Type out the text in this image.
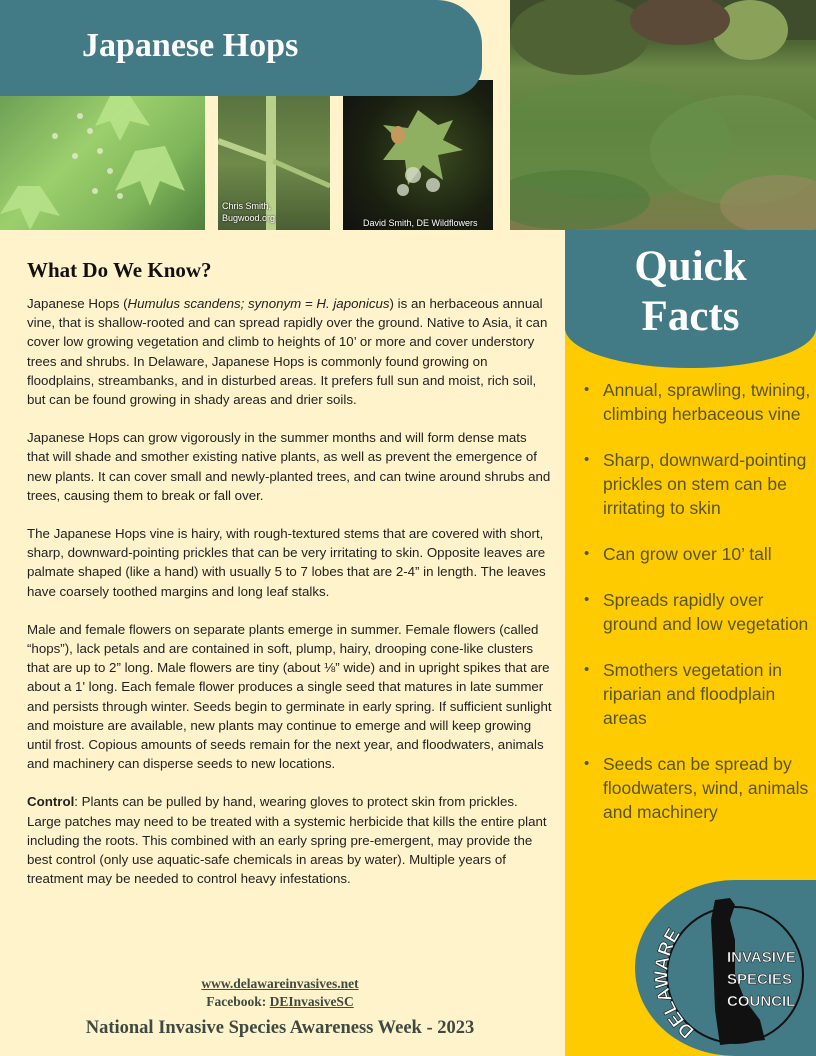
Japanese Hops
Chris Smith,
Bugwood.org	David Smith, DE Wildflowers
What Do We Know?

Japanese Hops (Humulus scandens; synonym = H. japonicus) is an herbaceous annual vine, that is shallow-rooted and can spread rapidly over the ground. Native to Asia, it can cover low growing vegetation and climb to heights of 10’ or more and cover understory trees and shrubs. In Delaware, Japanese Hops is commonly found growing on floodplains, streambanks, and in disturbed areas. It prefers full sun and moist, rich soil, but can be found growing in shady areas and drier soils.

Japanese Hops can grow vigorously in the summer months and will form dense mats that will shade and smother existing native plants, as well as prevent the emergence of new plants. It can cover small and newly-planted trees, and can twine around shrubs and trees, causing them to break or fall over.

The Japanese Hops vine is hairy, with rough-textured stems that are covered with short, sharp, downward-pointing prickles that can be very irritating to skin. Opposite leaves are palmate shaped (like a hand) with usually 5 to 7 lobes that are 2-4” in length. The leaves have coarsely toothed margins and long leaf stalks.

Male and female flowers on separate plants emerge in summer. Female flowers (called “hops”), lack petals and are contained in soft, plump, hairy, drooping cone-like clusters that are up to 2” long. Male flowers are tiny (about ⅛” wide) and in upright spikes that are about a 1' long. Each female flower produces a single seed that matures in late summer and persists through winter. Seeds begin to germinate in early spring. If sufficient sunlight and moisture are available, new plants may continue to emerge and will keep growing until frost. Copious amounts of seeds remain for the next year, and floodwaters, animals and machinery can disperse seeds to new locations.

Control: Plants can be pulled by hand, wearing gloves to protect skin from prickles. Large patches may need to be treated with a systemic herbicide that kills the entire plant including the roots. This combined with an early spring pre-emergent, may provide the best control (only use aquatic-safe chemicals in areas by water). Multiple years of treatment may be needed to control heavy infestations.

www.delawareinvasives.net
Facebook: DEInvasiveSC
National Invasive Species Awareness Week - 2023
Quick
Facts
• Annual, sprawling, twining, climbing herbaceous vine
• Sharp, downward-pointing prickles on stem can be irritating to skin
• Can grow over 10’ tall
• Spreads rapidly over ground and low vegetation
• Smothers vegetation in riparian and floodplain areas
• Seeds can be spread by floodwaters, wind, animals and machinery
DELAWARE
INVASIVE
SPECIES
COUNCIL
